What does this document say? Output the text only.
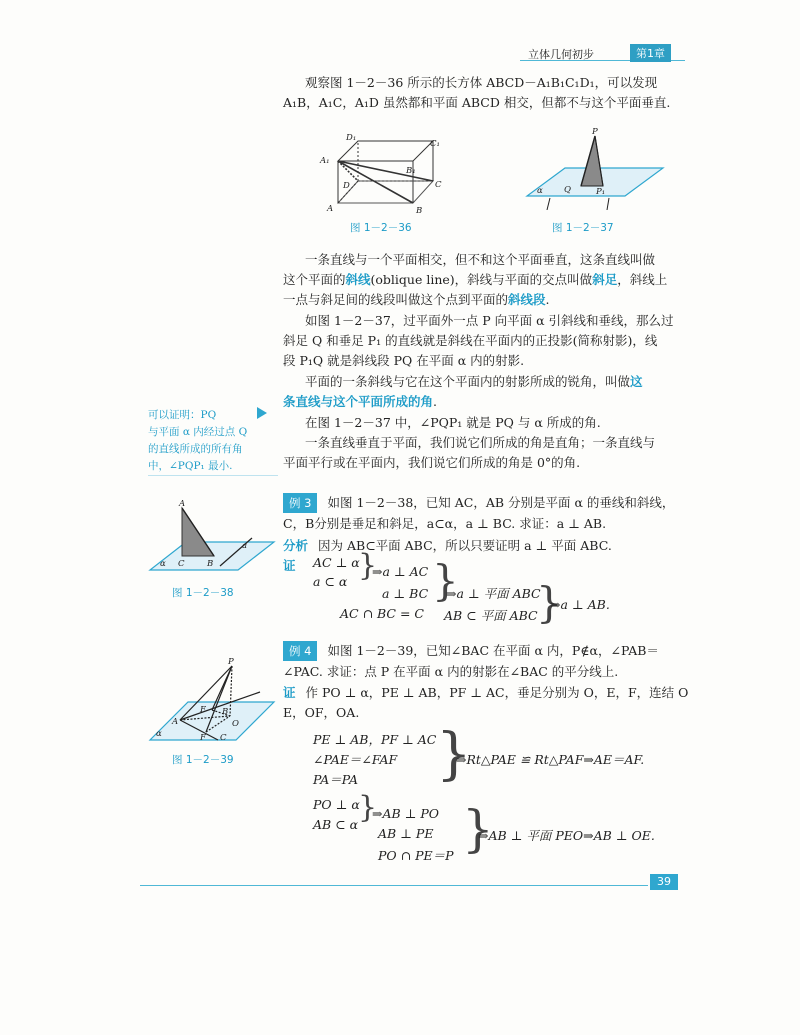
立体几何初步	第1章
观察图 1－2－36 所示的长方体 ABCD－A₁B₁C₁D₁，可以发现
A₁B，A₁C，A₁D 虽然都和平面 ABCD 相交，但都不与这个平面垂直.
D₁
C₁
A₁
B₁
D	C
A	B
图 1－2－36
P
α	Q	P₁
图 1－2－37
一条直线与一个平面相交，但不和这个平面垂直，这条直线叫做
这个平面的斜线(oblique line)，斜线与平面的交点叫做斜足，斜线上
一点与斜足间的线段叫做这个点到平面的斜线段.
如图 1－2－37，过平面外一点 P 向平面 α 引斜线和垂线，那么过
斜足 Q 和垂足 P₁ 的直线就是斜线在平面内的正投影(简称射影)，线
段 P₁Q 就是斜线段 PQ 在平面 α 内的射影.
平面的一条斜线与它在这个平面内的射影所成的锐角，叫做这
条直线与这个平面所成的角.
在图 1－2－37 中，∠PQP₁ 就是 PQ 与 α 所成的角.
一条直线垂直于平面，我们说它们所成的角是直角；一条直线与
平面平行或在平面内，我们说它们所成的角是 0°的角.
可以证明：PQ
与平面 α 内经过点 Q
的直线所成的所有角
中，∠PQP₁ 最小.
A
α C	B
a
图 1－2－38
例 3 如图 1－2－38，已知 AC，AB 分别是平面 α 的垂线和斜线，
C，B分别是垂足和斜足，a⊂α，a ⊥ BC. 求证：a ⊥ AB.
分析 因为 AB⊂平面 ABC，所以只要证明 a ⊥ 平面 ABC.
证	AC ⊥ α
a ⊂ α }
⇒a ⊥ AC
a ⊥ BC }
⇒a ⊥ 平面 ABC
AC ∩ BC = C AB ⊂ 平面 ABC
}
⇒a ⊥ AB.
P
E B
A	O
F C
α
图 1－2－39
例 4 如图 1－2－39，已知∠BAC 在平面 α 内，P∉α，∠PAB＝
∠PAC. 求证：点 P 在平面 α 内的射影在∠BAC 的平分线上.
证 作 PO ⊥ α，PE ⊥ AB，PF ⊥ AC，垂足分别为 O，E，F，连结 O
E，OF，OA.
PE ⊥ AB，PF ⊥ AC
∠PAE＝∠FAF
PA＝PA }
⇒Rt△PAE ≌ Rt△PAF⇒AE＝AF.
PO ⊥ α
AB ⊂ α }
⇒AB ⊥ PO
AB ⊥ PE
PO ∩ PE＝P }
⇒AB ⊥ 平面 PEO⇒AB ⊥ OE.
39
